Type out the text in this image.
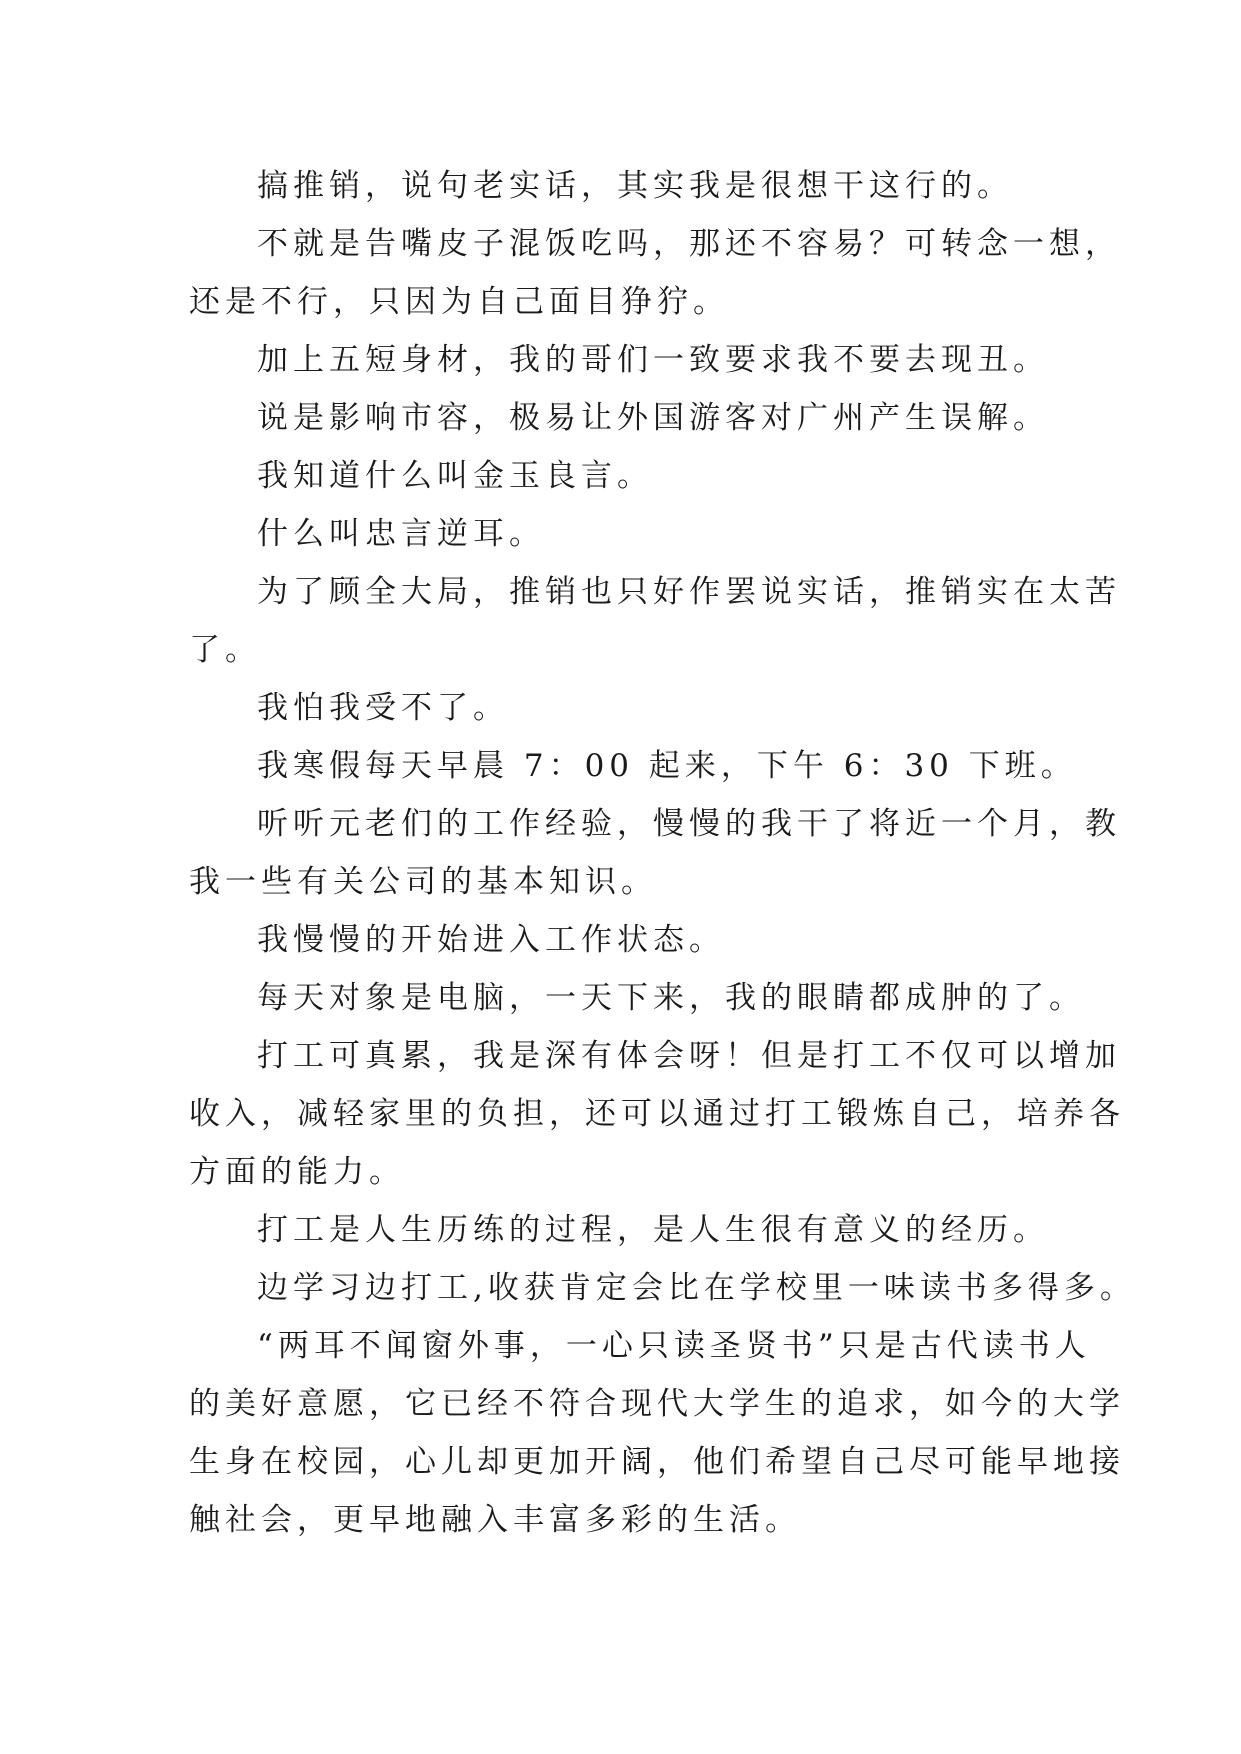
搞推销，说句老实话，其实我是很想干这行的。
不就是告嘴皮子混饭吃吗，那还不容易？可转念一想，
还是不行，只因为自己面目狰狞。
加上五短身材，我的哥们一致要求我不要去现丑。
说是影响市容，极易让外国游客对广州产生误解。
我知道什么叫金玉良言。
什么叫忠言逆耳。
为了顾全大局，推销也只好作罢说实话，推销实在太苦
了。
我怕我受不了。
我寒假每天早晨 7：00 起来，下午 6：30 下班。
听听元老们的工作经验，慢慢的我干了将近一个月，教
我一些有关公司的基本知识。
我慢慢的开始进入工作状态。
每天对象是电脑，一天下来，我的眼睛都成肿的了。
打工可真累，我是深有体会呀！但是打工不仅可以增加
收入，减轻家里的负担，还可以通过打工锻炼自己，培养各
方面的能力。
打工是人生历练的过程，是人生很有意义的经历。
边学习边打工,收获肯定会比在学校里一味读书多得多。
“两耳不闻窗外事，一心只读圣贤书”只是古代读书人
的美好意愿，它已经不符合现代大学生的追求，如今的大学
生身在校园，心儿却更加开阔，他们希望自己尽可能早地接
触社会，更早地融入丰富多彩的生活。
